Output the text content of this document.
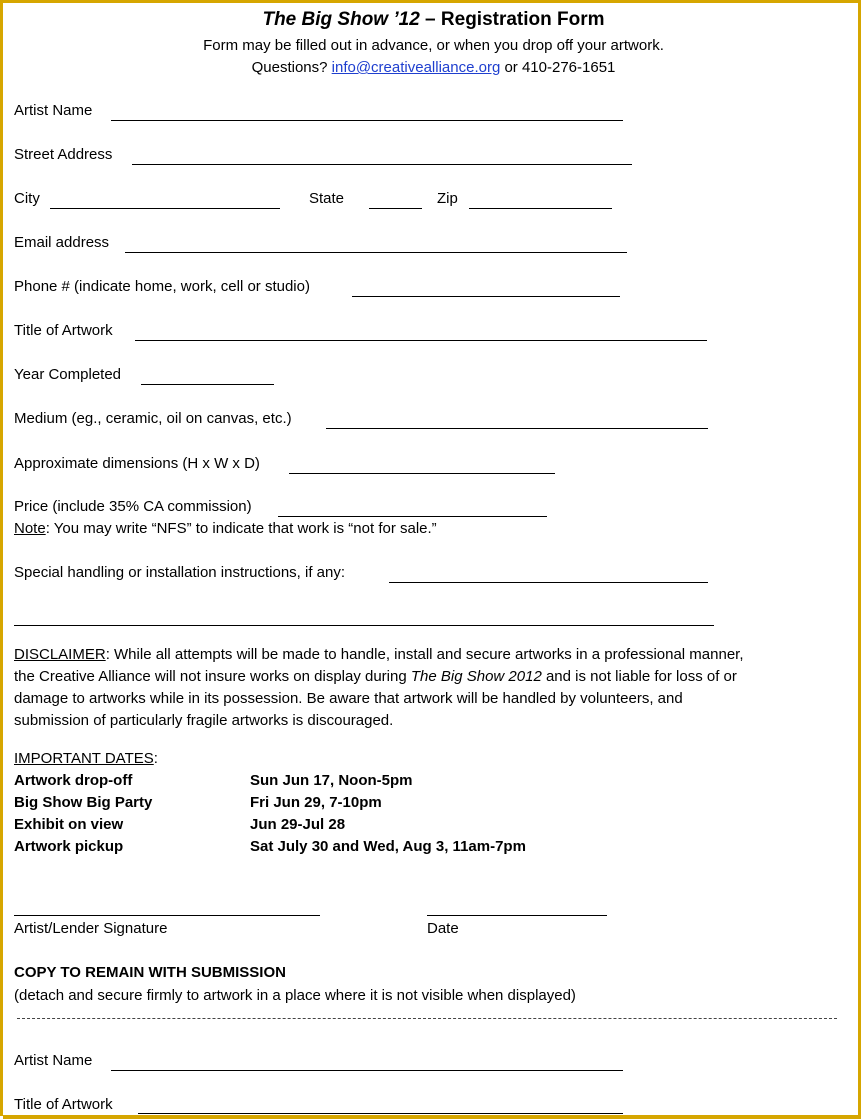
The Big Show ’12 – Registration Form
Form may be filled out in advance, or when you drop off your artwork.
Questions? info@creativealliance.org or 410-276-1651
Artist Name
Street Address
City	State	Zip
Email address
Phone # (indicate home, work, cell or studio)
Title of Artwork
Year Completed
Medium (eg., ceramic, oil on canvas, etc.)
Approximate dimensions (H x W x D)
Price (include 35% CA commission)
Note: You may write “NFS” to indicate that work is “not for sale.”
Special handling or installation instructions, if any:
DISCLAIMER: While all attempts will be made to handle, install and secure artworks in a professional manner,
the Creative Alliance will not insure works on display during The Big Show 2012 and is not liable for loss of or
damage to artworks while in its possession. Be aware that artwork will be handled by volunteers, and
submission of particularly fragile artworks is discouraged.
IMPORTANT DATES:
Artwork drop-off	Sun Jun 17, Noon-5pm
Big Show Big Party	Fri Jun 29, 7-10pm
Exhibit on view	Jun 29-Jul 28
Artwork pickup	Sat July 30 and Wed, Aug 3, 11am-7pm
Artist/Lender Signature	Date
COPY TO REMAIN WITH SUBMISSION
(detach and secure firmly to artwork in a place where it is not visible when displayed)
Artist Name
Title of Artwork
